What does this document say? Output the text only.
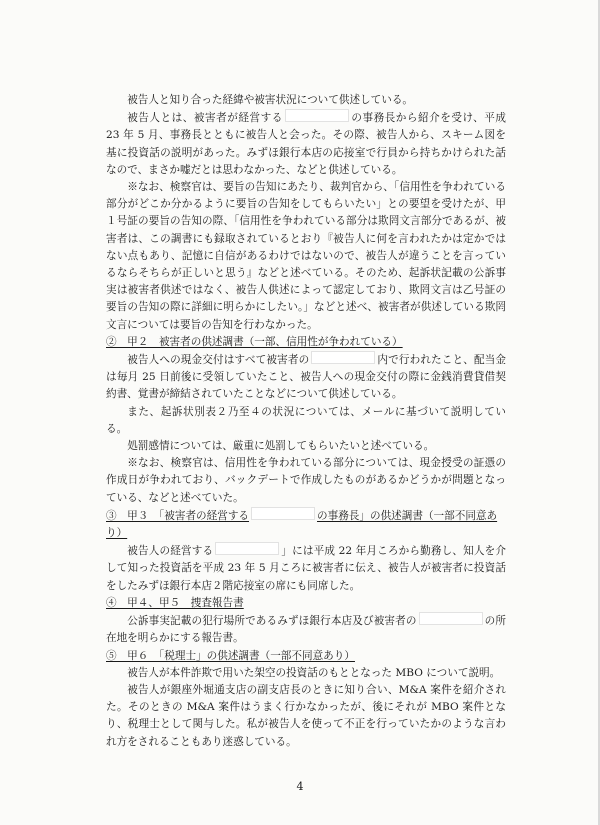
被告人と知り合った経緯や被害状況について供述している。

被告人とは、被害者が経営する	の事務長から紹介を受け、平成 23 年 5 月、事務長とともに被告人と会った。その際、被告人から、スキーム図を基に投資話の説明があった。みずほ銀行本店の応接室で行員から持ちかけられた話なので、まさか嘘だとは思わなかった、などと供述している。

※なお、検察官は、要旨の告知にあたり、裁判官から、「信用性を争われている部分がどこか分かるように要旨の告知をしてもらいたい」との要望を受けたが、甲１号証の要旨の告知の際、「信用性を争われている部分は欺罔文言部分であるが、被害者は、この調書にも録取されているとおり『被告人に何を言われたかは定かではない点もあり、記憶に自信があるわけではないので、被告人が違うことを言っているならそちらが正しいと思う』などと述べている。そのため、起訴状記載の公訴事実は被害者供述ではなく、被告人供述によって認定しており、欺罔文言は乙号証の要旨の告知の際に詳細に明らかにしたい。」などと述べ、被害者が供述している欺罔文言については要旨の告知を行わなかった。

②　甲２　被害者の供述調書（一部、信用性が争われている）

被告人への現金交付はすべて被害者の	内で行われたこと、配当金は毎月 25 日前後に受領していたこと、被告人への現金交付の際に金銭消費貸借契約書、覚書が締結されていたことなどについて供述している。

また、起訴状別表２乃至４の状況については、メールに基づいて説明している。

処罰感情については、厳重に処罰してもらいたいと述べている。

※なお、検察官は、信用性を争われている部分については、現金授受の証憑の作成日が争われており、バックデートで作成したものがあるかどうかが問題となっている、などと述べていた。

③　甲３　「被害者の経営する	の事務長」の供述調書（一部不同意あり）

被告人の経営する	」には平成 22 年月ころから勤務し、知人を介して知った投資話を平成 23 年 5 月ころに被害者に伝え、被告人が被害者に投資話をしたみずほ銀行本店２階応接室の席にも同席した。

④　甲４、甲５　捜査報告書

公訴事実記載の犯行場所であるみずほ銀行本店及び被害者の	の所在地を明らかにする報告書。

⑤　甲６　「税理士」の供述調書（一部不同意あり）

被告人が本件詐欺で用いた架空の投資話のもととなった MBO について説明。

被告人が銀座外堀通支店の副支店長のときに知り合い、M&A 案件を紹介された。そのときの M&A 案件はうまく行かなかったが、後にそれが MBO 案件となり、税理士として関与した。私が被告人を使って不正を行っていたかのような言われ方をされることもあり迷惑している。

4
